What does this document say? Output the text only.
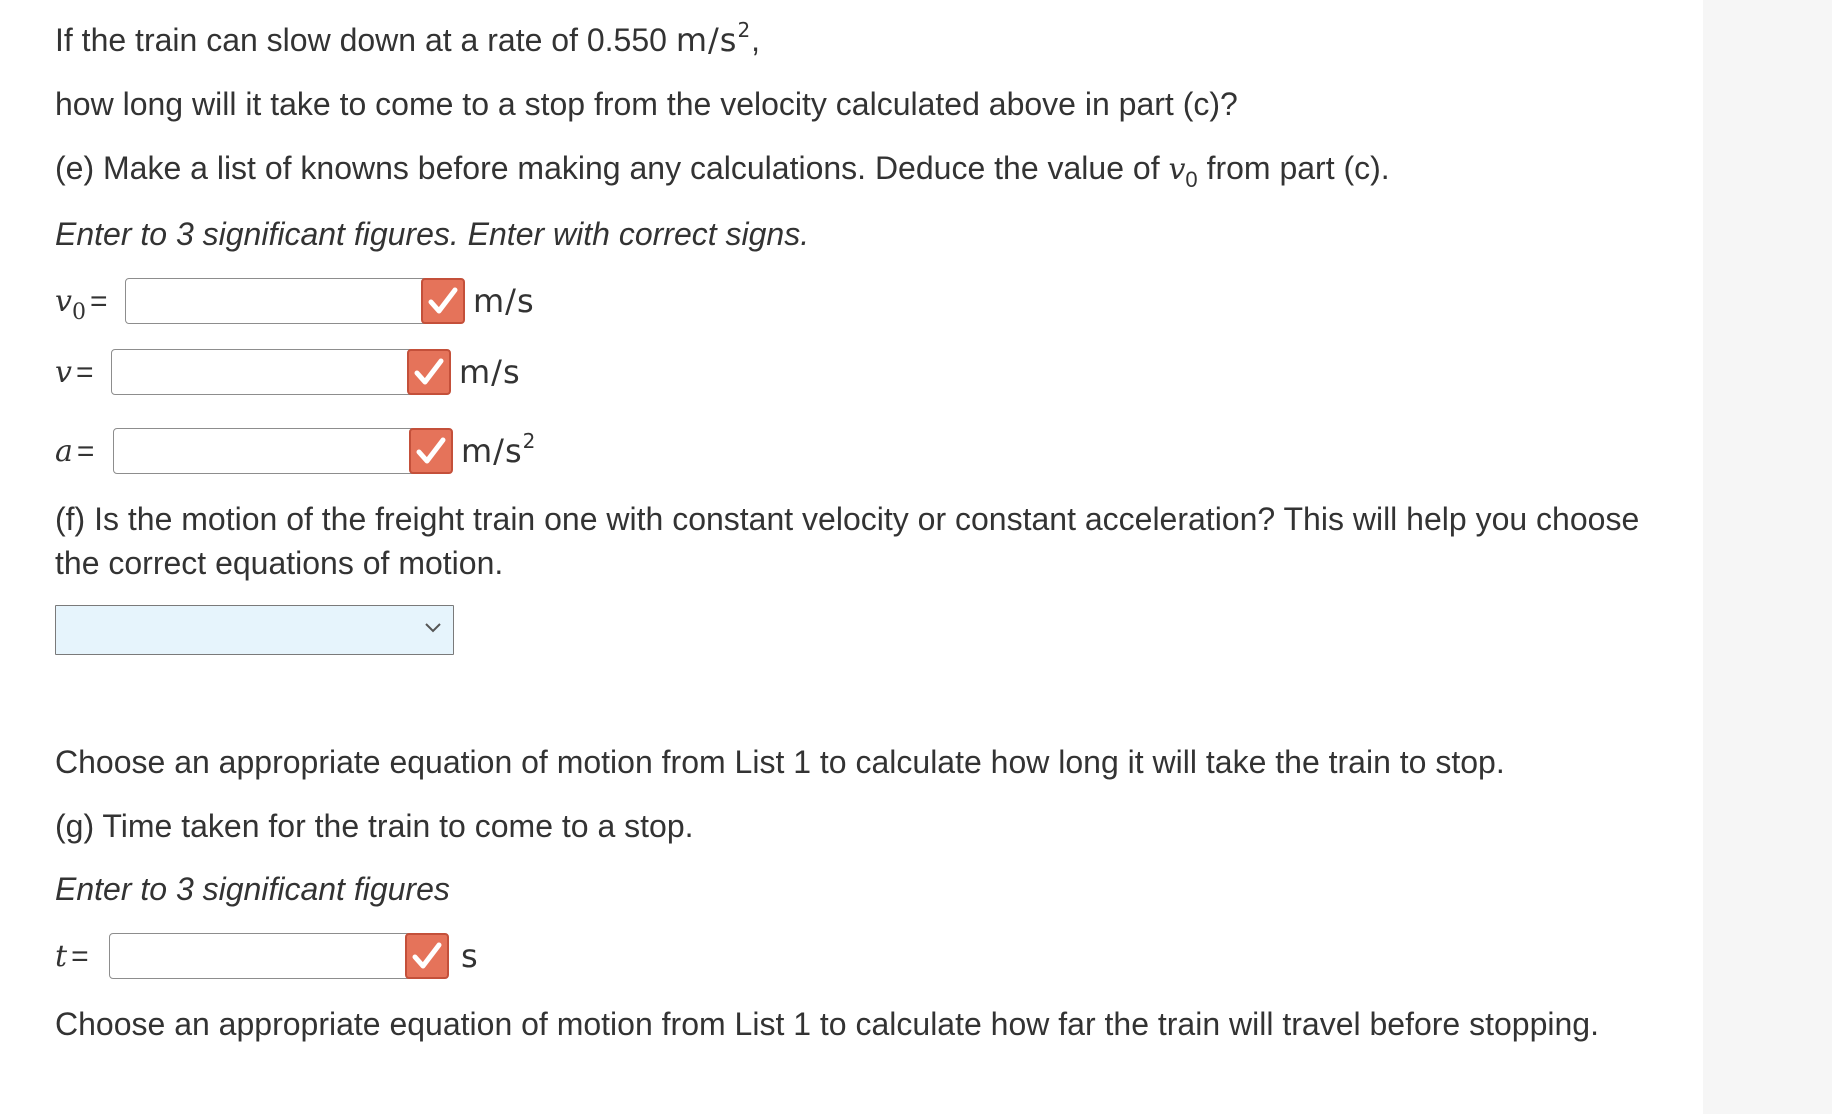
If the train can slow down at a rate of 0.550 $m/s^2$,
how long will it take to come to a stop from the velocity calculated above in part (c)?
(e) Make a list of knowns before making any calculations. Deduce the value of $v_0$ from part (c).
Enter to 3 significant figures. Enter with correct signs.
$v_0$ =	m/s
v =	m/s
a =	$m/s^2$
(f) Is the motion of the freight train one with constant velocity or constant acceleration? This will help you choose the correct equations of motion.
Choose an appropriate equation of motion from List 1 to calculate how long it will take the train to stop.
(g) Time taken for the train to come to a stop.
Enter to 3 significant figures
t =	s
Choose an appropriate equation of motion from List 1 to calculate how far the train will travel before stopping.
